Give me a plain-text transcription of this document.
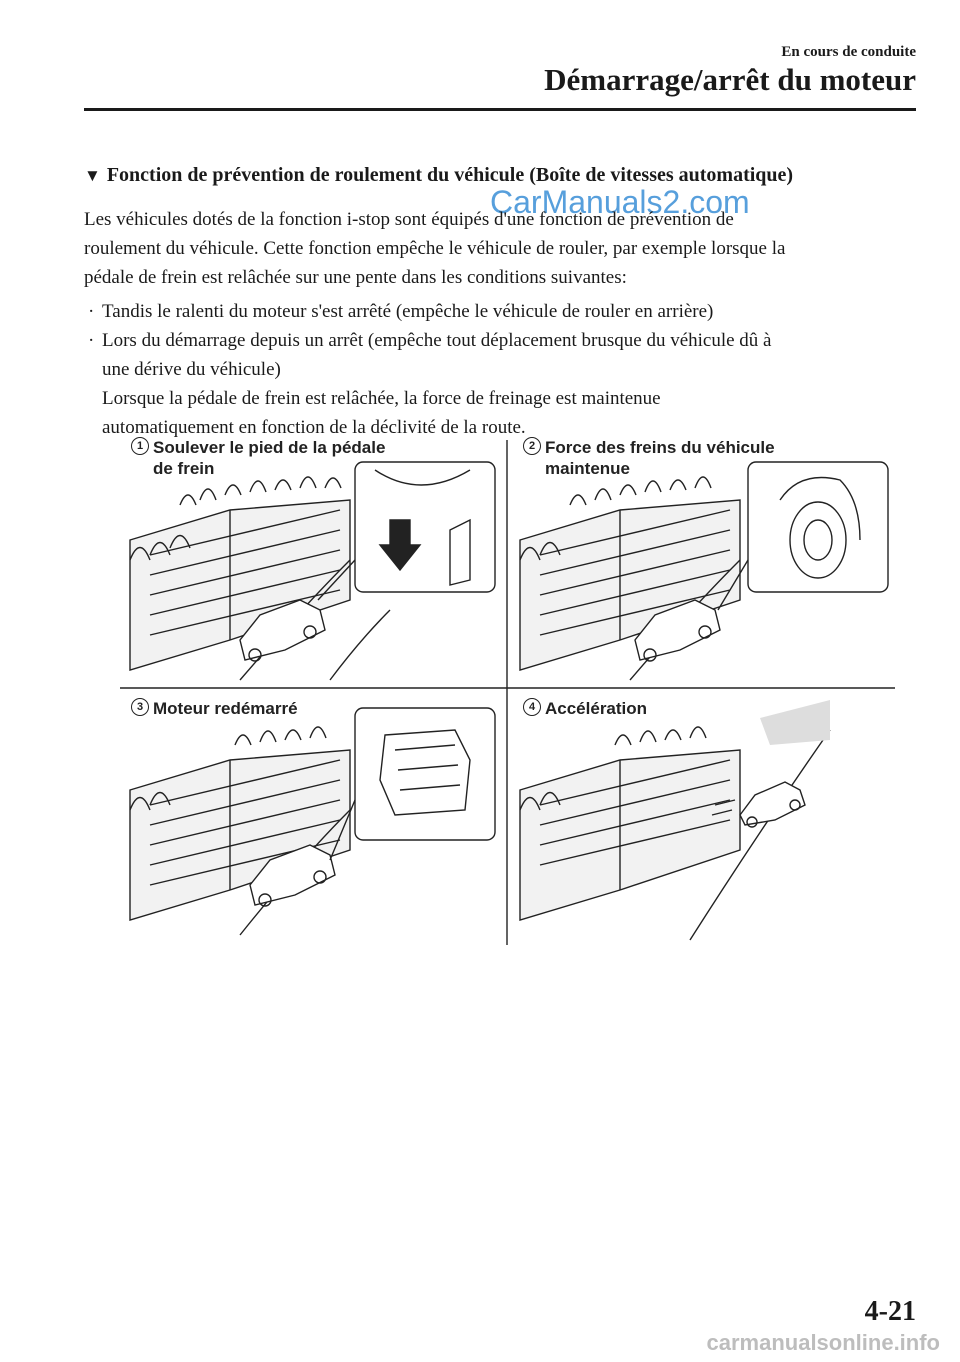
En cours de conduite
Démarrage/arrêt du moteur
▼ Fonction de prévention de roulement du véhicule (Boîte de vitesses automatique)
CarManuals2.com
Les véhicules dotés de la fonction i-stop sont équipés d'une fonction de prévention de
roulement du véhicule. Cette fonction empêche le véhicule de rouler, par exemple lorsque la
pédale de frein est relâchée sur une pente dans les conditions suivantes:
· Tandis le ralenti du moteur s'est arrêté (empêche le véhicule de rouler en arrière)
· Lors du démarrage depuis un arrêt (empêche tout déplacement brusque du véhicule dû à
une dérive du véhicule)
Lorsque la pédale de frein est relâchée, la force de freinage est maintenue
automatiquement en fonction de la déclivité de la route.
1 Soulever le pied de la pédale
de frein
2 Force des freins du véhicule
maintenue
3 Moteur redémarré	4 Accélération
4-21
carmanualsonline.info
